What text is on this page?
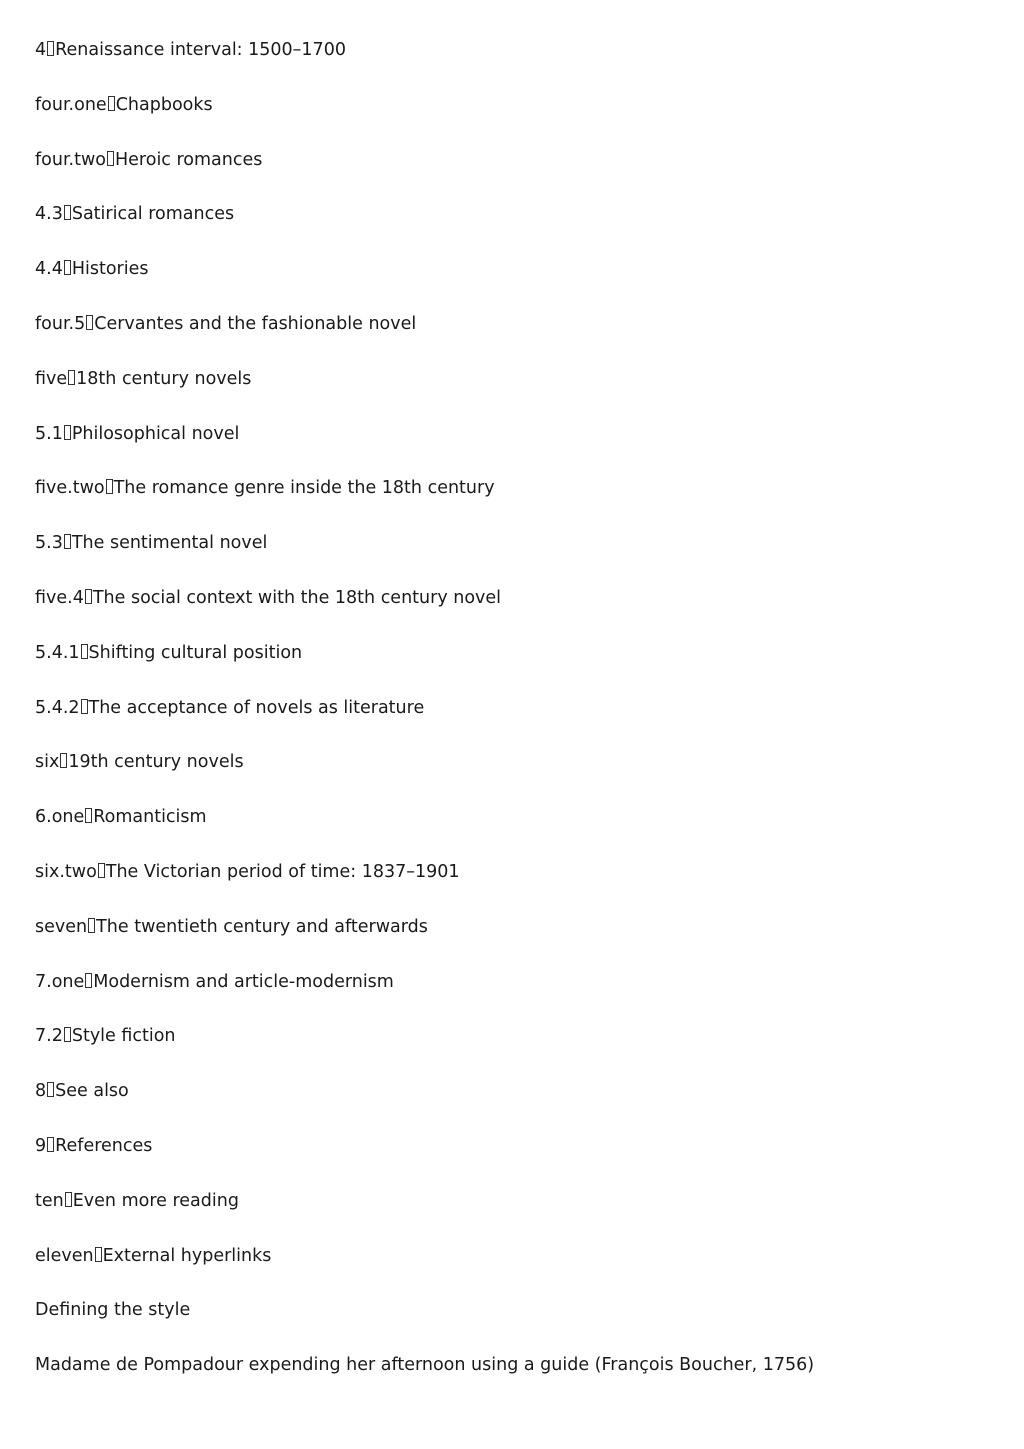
4 Renaissance interval: 1500–1700
four.one Chapbooks
four.two Heroic romances
4.3 Satirical romances
4.4 Histories
four.5 Cervantes and the fashionable novel
five 18th century novels
5.1 Philosophical novel
five.two The romance genre inside the 18th century
5.3 The sentimental novel
five.4 The social context with the 18th century novel
5.4.1 Shifting cultural position
5.4.2 The acceptance of novels as literature
six 19th century novels
6.one Romanticism
six.two The Victorian period of time: 1837–1901
seven The twentieth century and afterwards
7.one Modernism and article-modernism
7.2 Style fiction
8 See also
9 References
ten Even more reading
eleven External hyperlinks
Defining the style
Madame de Pompadour expending her afternoon using a guide (François Boucher, 1756)
